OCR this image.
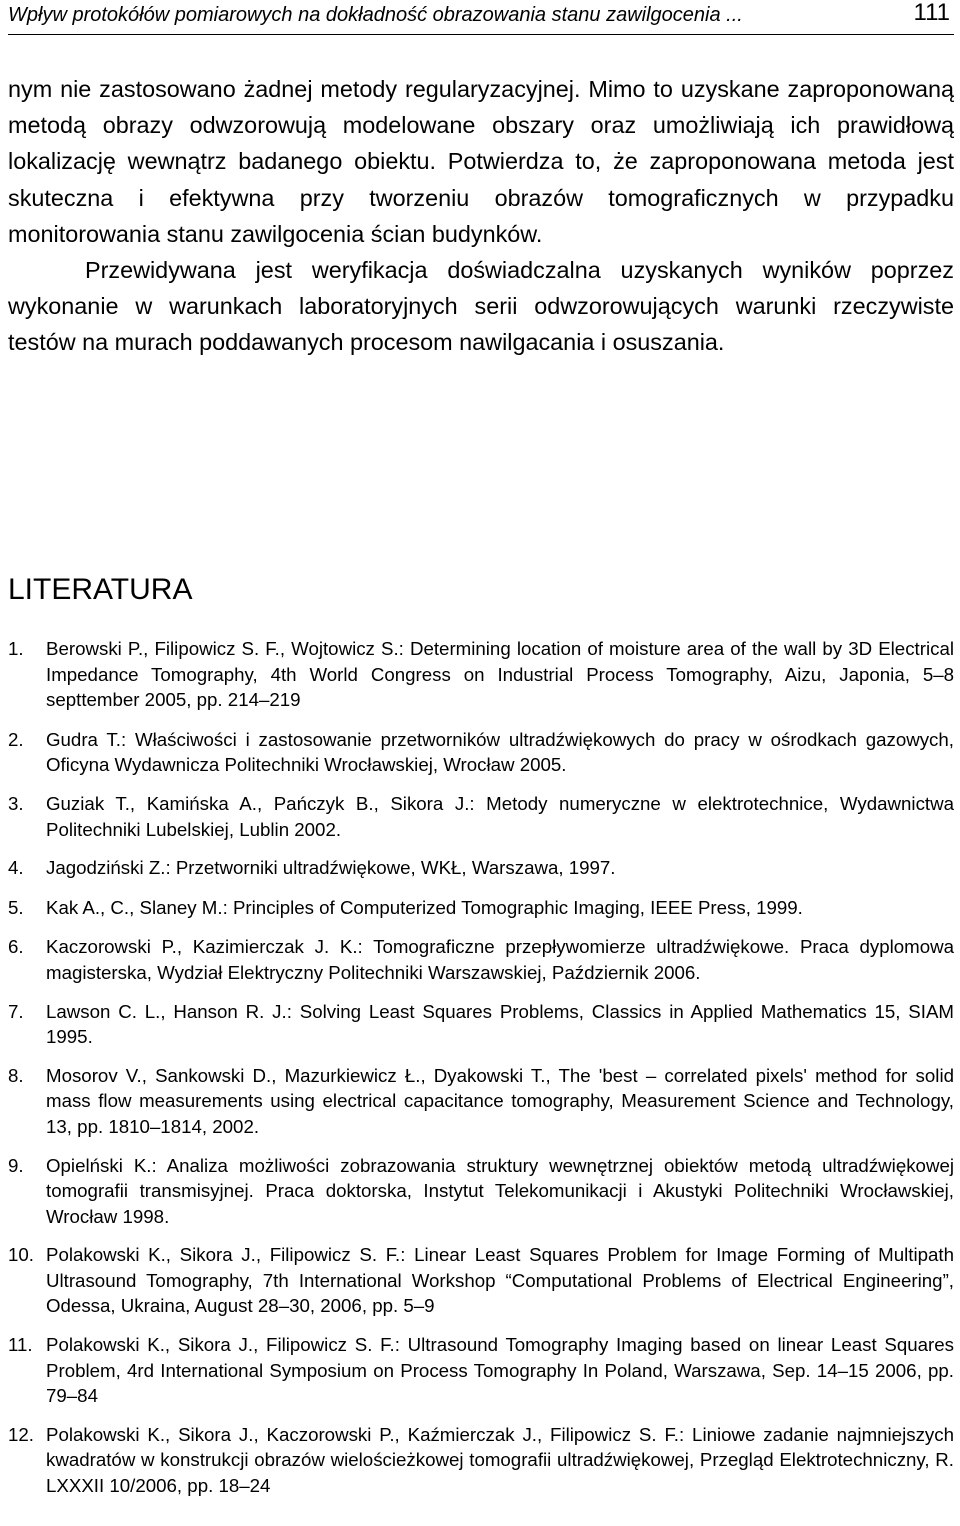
Wpływ protokółów pomiarowych na dokładność obrazowania stanu zawilgocenia ...	111

nym nie zastosowano żadnej metody regularyzacyjnej. Mimo to uzyskane zaproponowaną metodą obrazy odwzorowują modelowane obszary oraz umożliwiają ich prawidłową lokalizację wewnątrz badanego obiektu. Potwierdza to, że zaproponowana metoda jest skuteczna i efektywna przy tworzeniu obrazów tomograficznych w przypadku monitorowania stanu zawilgocenia ścian budynków.

Przewidywana jest weryfikacja doświadczalna uzyskanych wyników poprzez wykonanie w warunkach laboratoryjnych serii odwzorowujących warunki rzeczywiste testów na murach poddawanych procesom nawilgacania i osuszania.

LITERATURA
1. Berowski P., Filipowicz S. F., Wojtowicz S.: Determining location of moisture area of the wall by 3D Electrical Impedance Tomography, 4th World Congress on Industrial Process Tomography, Aizu, Japonia, 5–8 septtember 2005, pp. 214–219
2. Gudra T.: Właściwości i zastosowanie przetworników ultradźwiękowych do pracy w ośrodkach gazowych, Oficyna Wydawnicza Politechniki Wrocławskiej, Wrocław 2005.
3. Guziak T., Kamińska A., Pańczyk B., Sikora J.: Metody numeryczne w elektrotechnice, Wydawnictwa Politechniki Lubelskiej, Lublin 2002.
4. Jagodziński Z.: Przetworniki ultradźwiękowe, WKŁ, Warszawa, 1997.
5. Kak A., C., Slaney M.: Principles of Computerized Tomographic Imaging, IEEE Press, 1999.
6. Kaczorowski P., Kazimierczak J. K.: Tomograficzne przepływomierze ultradźwiękowe. Praca dyplomowa magisterska, Wydział Elektryczny Politechniki Warszawskiej, Październik 2006.
7. Lawson C. L., Hanson R. J.: Solving Least Squares Problems, Classics in Applied Mathematics 15, SIAM 1995.
8. Mosorov V., Sankowski D., Mazurkiewicz Ł., Dyakowski T., The 'best – correlated pixels' method for solid mass flow measurements using electrical capacitance tomography, Measurement Science and Technology, 13, pp. 1810–1814, 2002.
9. Opielński K.: Analiza możliwości zobrazowania struktury wewnętrznej obiektów metodą ultradźwiękowej tomografii transmisyjnej. Praca doktorska, Instytut Telekomunikacji i Akustyki Politechniki Wrocławskiej, Wrocław 1998.
10. Polakowski K., Sikora J., Filipowicz S. F.: Linear Least Squares Problem for Image Forming of Multipath Ultrasound Tomography, 7th International Workshop “Computational Problems of Electrical Engineering”, Odessa, Ukraina, August 28–30, 2006, pp. 5–9
11. Polakowski K., Sikora J., Filipowicz S. F.: Ultrasound Tomography Imaging based on linear Least Squares Problem, 4rd International Symposium on Process Tomography In Poland, Warszawa, Sep. 14–15 2006, pp. 79–84
12. Polakowski K., Sikora J., Kaczorowski P., Kaźmierczak J., Filipowicz S. F.: Liniowe zadanie najmniejszych kwadratów w konstrukcji obrazów wielościeżkowej tomografii ultradźwiękowej, Przegląd Elektrotechniczny, R. LXXXII 10/2006, pp. 18–24
